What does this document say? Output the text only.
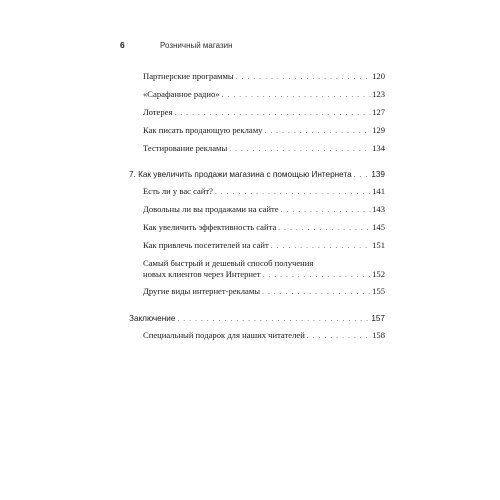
6	Розничный магазин
Партнерские программы . . .	120
«Сарафанное радио» . . .	123
Лотерея . . .	127
Как писать продающую рекламу . . .	129
Тестирование рекламы . . .	134
7. Как увеличить продажи магазина с помощью Интернета . . . 139
Есть ли у вас сайт? . . .	141
Довольны ли вы продажами на сайте . . .	143
Как увеличить эффективность сайта . . .	145
Как привлечь посетителей на сайт . . .	151
Самый быстрый и дешевый способ получения
новых клиентов через Интернет . . .	152
Другие виды интернет-рекламы . . .	155
Заключение . . .	157
Специальный подарок для наших читателей . . .	158
